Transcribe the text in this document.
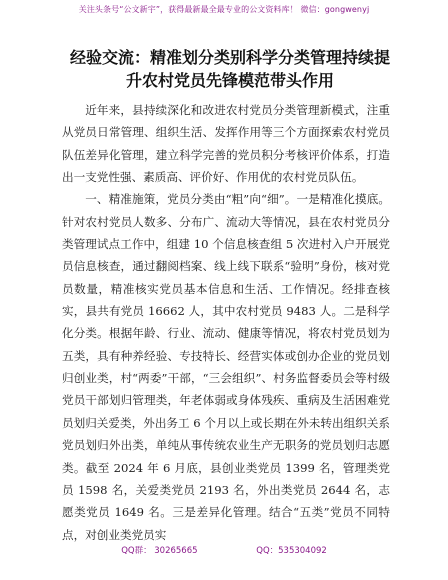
关注头条号“公文新宇”，获得最新最全最专业的公文资料库！ 微信：gongwenyj
经验交流：精准划分类别科学分类管理持续提升农村党员先锋模范带头作用

近年来，县持续深化和改进农村党员分类管理新模式，注重从党员日常管理、组织生活、发挥作用等三个方面探索农村党员队伍差异化管理，建立科学完善的党员积分考核评价体系，打造出一支党性强、素质高、评价好、作用优的农村党员队伍。

一、精准施策，党员分类由“粗”向“细”。一是精准化摸底。针对农村党员人数多、分布广、流动大等情况，县在农村党员分类管理试点工作中，组建 10 个信息核查组 5 次进村入户开展党员信息核查，通过翻阅档案、线上线下联系“验明”身份，核对党员数量，精准核实党员基本信息和生活、工作情况。经排查核实，县共有党员 16662 人，其中农村党员 9483 人。二是科学化分类。根据年龄、行业、流动、健康等情况，将农村党员划为五类，具有种养经验、专技特长、经营实体或创办企业的党员划归创业类，村“两委”干部，“三会组织”、村务监督委员会等村级党员干部划归管理类，年老体弱或身体残疾、重病及生活困难党员划归关爱类，外出务工 6 个月以上或长期在外未转出组织关系党员划归外出类，单纯从事传统农业生产无职务的党员划归志愿类。截至 2024 年 6 月底，县创业类党员 1399 名，管理类党员 1598 名，关爱类党员 2193 名，外出类党员 2644 名，志愿类党员 1649 名。三是差异化管理。结合“五类”党员不同特点，对创业类党员实

QQ群： 30265665	QQ：535304092
